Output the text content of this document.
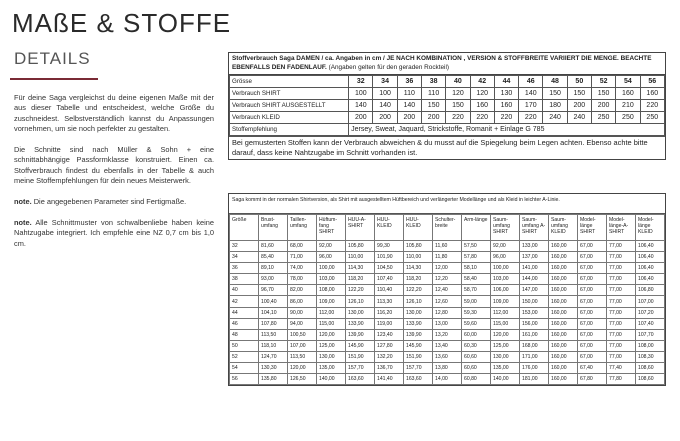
MAßE & STOFFE
DETAILS

Für deine Saga vergleichst du deine eigenen Maße mit der aus dieser Tabelle und entscheidest, welche Größe du zuschneidest. Selbstverständlich kannst du Anpassungen vornehmen, um sie noch perfekter zu gestalten.

Die Schnitte sind nach Müller & Sohn + eine schnittabhängige Passformklasse konstruiert. Einen ca. Stoffverbrauch findest du ebenfalls in der Tabelle & auch meine Stoffempfehlungen für dein neues Meisterwerk.

note. Die angegebenen Parameter sind Fertigmaße.

note. Alle Schnittmuster von schwalbenliebe haben keine Nahtzugabe integriert. Ich empfehle eine NZ 0,7 cm bis 1,0 cm.

Stoffverbrauch Saga DAMEN / ca. Angaben in cm / JE NACH KOMBINATION , VERSION & STOFFBREITE VARIIERT DIE MENGE. BEACHTE EBENFALLS DEN FADENLAUF. (Angaben gelten für den geraden Rockteil)
Grösse	32	34	36	38	40	42	44	46	48	50	52	54	56
Verbrauch SHIRT	100	100	110	110	120	120	130	140	150	150	150	160	160
Verbrauch SHIRT AUSGESTELLT	140	140	140	150	150	160	160	170	180	200	200	210	220
Verbrauch KLEID	200	200	200	200	220	220	220	220	240	240	250	250	250
Stoffempfehlung	Jersey, Sweat, Jaquard, Strickstoffe, Romanit + Einlage G 785												
Bei gemusterten Stoffen kann der Verbrauch abweichen & du musst auf die Spiegelung beim Legen achten. Ebenso achte bitte darauf, dass keine Nahtzugabe im Schnitt vorhanden ist.
Saga kommt in der normalen Shirtversion, als Shirt mit ausgestelltem Hüftbereich und verlängerter Modellänge und als Kleid in leichter A-Linie.
Größe	Brust-umfang	Taillen-umfang	Hüftum-fang SHIRT	HUU-A-SHIRT	HUU-KLEID	HUU-KLEID	Schulter-breite	Arm-länge	Saum-umfang SHIRT	Saum-umfang A-SHIRT	Saum-umfang KLEID	Model-länge SHIRT	Model-länge-A-SHIRT	Model-länge KLEID
32	81,60	68,00	92,00	105,80	99,30	105,80	11,60	57,50	92,00	133,00	160,00	67,00	77,00	106,40
34	85,40	71,00	96,00	110,00	101,90	110,00	11,80	57,80	96,00	137,00	160,00	67,00	77,00	106,40
36	89,10	74,00	100,00	114,30	104,50	114,30	12,00	58,10	100,00	141,00	160,00	67,00	77,00	106,40
38	93,00	78,00	103,00	118,20	107,40	118,20	12,20	58,40	103,00	144,00	160,00	67,00	77,00	106,40
40	96,70	82,00	108,00	122,20	110,40	122,20	12,40	58,70	106,00	147,00	160,00	67,00	77,00	106,80
42	100,40	86,00	109,00	126,10	113,30	126,10	12,60	59,00	109,00	150,00	160,00	67,00	77,00	107,00
44	104,10	90,00	112,00	130,00	116,20	130,00	12,80	59,30	112,00	153,00	160,00	67,00	77,00	107,20
46	107,80	94,00	115,00	133,90	119,00	133,90	13,00	59,60	115,00	156,00	160,00	67,00	77,00	107,40
48	113,50	100,50	120,00	139,90	123,40	139,90	13,20	60,00	120,00	161,00	160,00	67,00	77,00	107,70
50	118,10	107,00	125,00	145,90	127,80	145,90	13,40	60,30	125,00	168,00	160,00	67,00	77,00	108,00
52	124,70	113,50	130,00	151,90	132,20	151,90	13,60	60,60	130,00	171,00	160,00	67,00	77,00	108,30
54	130,30	120,00	135,00	157,70	136,70	157,70	13,80	60,60	135,00	176,00	160,00	67,40	77,40	108,60
56	135,80	126,50	140,00	163,60	141,40	163,60	14,00	60,80	140,00	181,00	160,00	67,80	77,80	108,60
